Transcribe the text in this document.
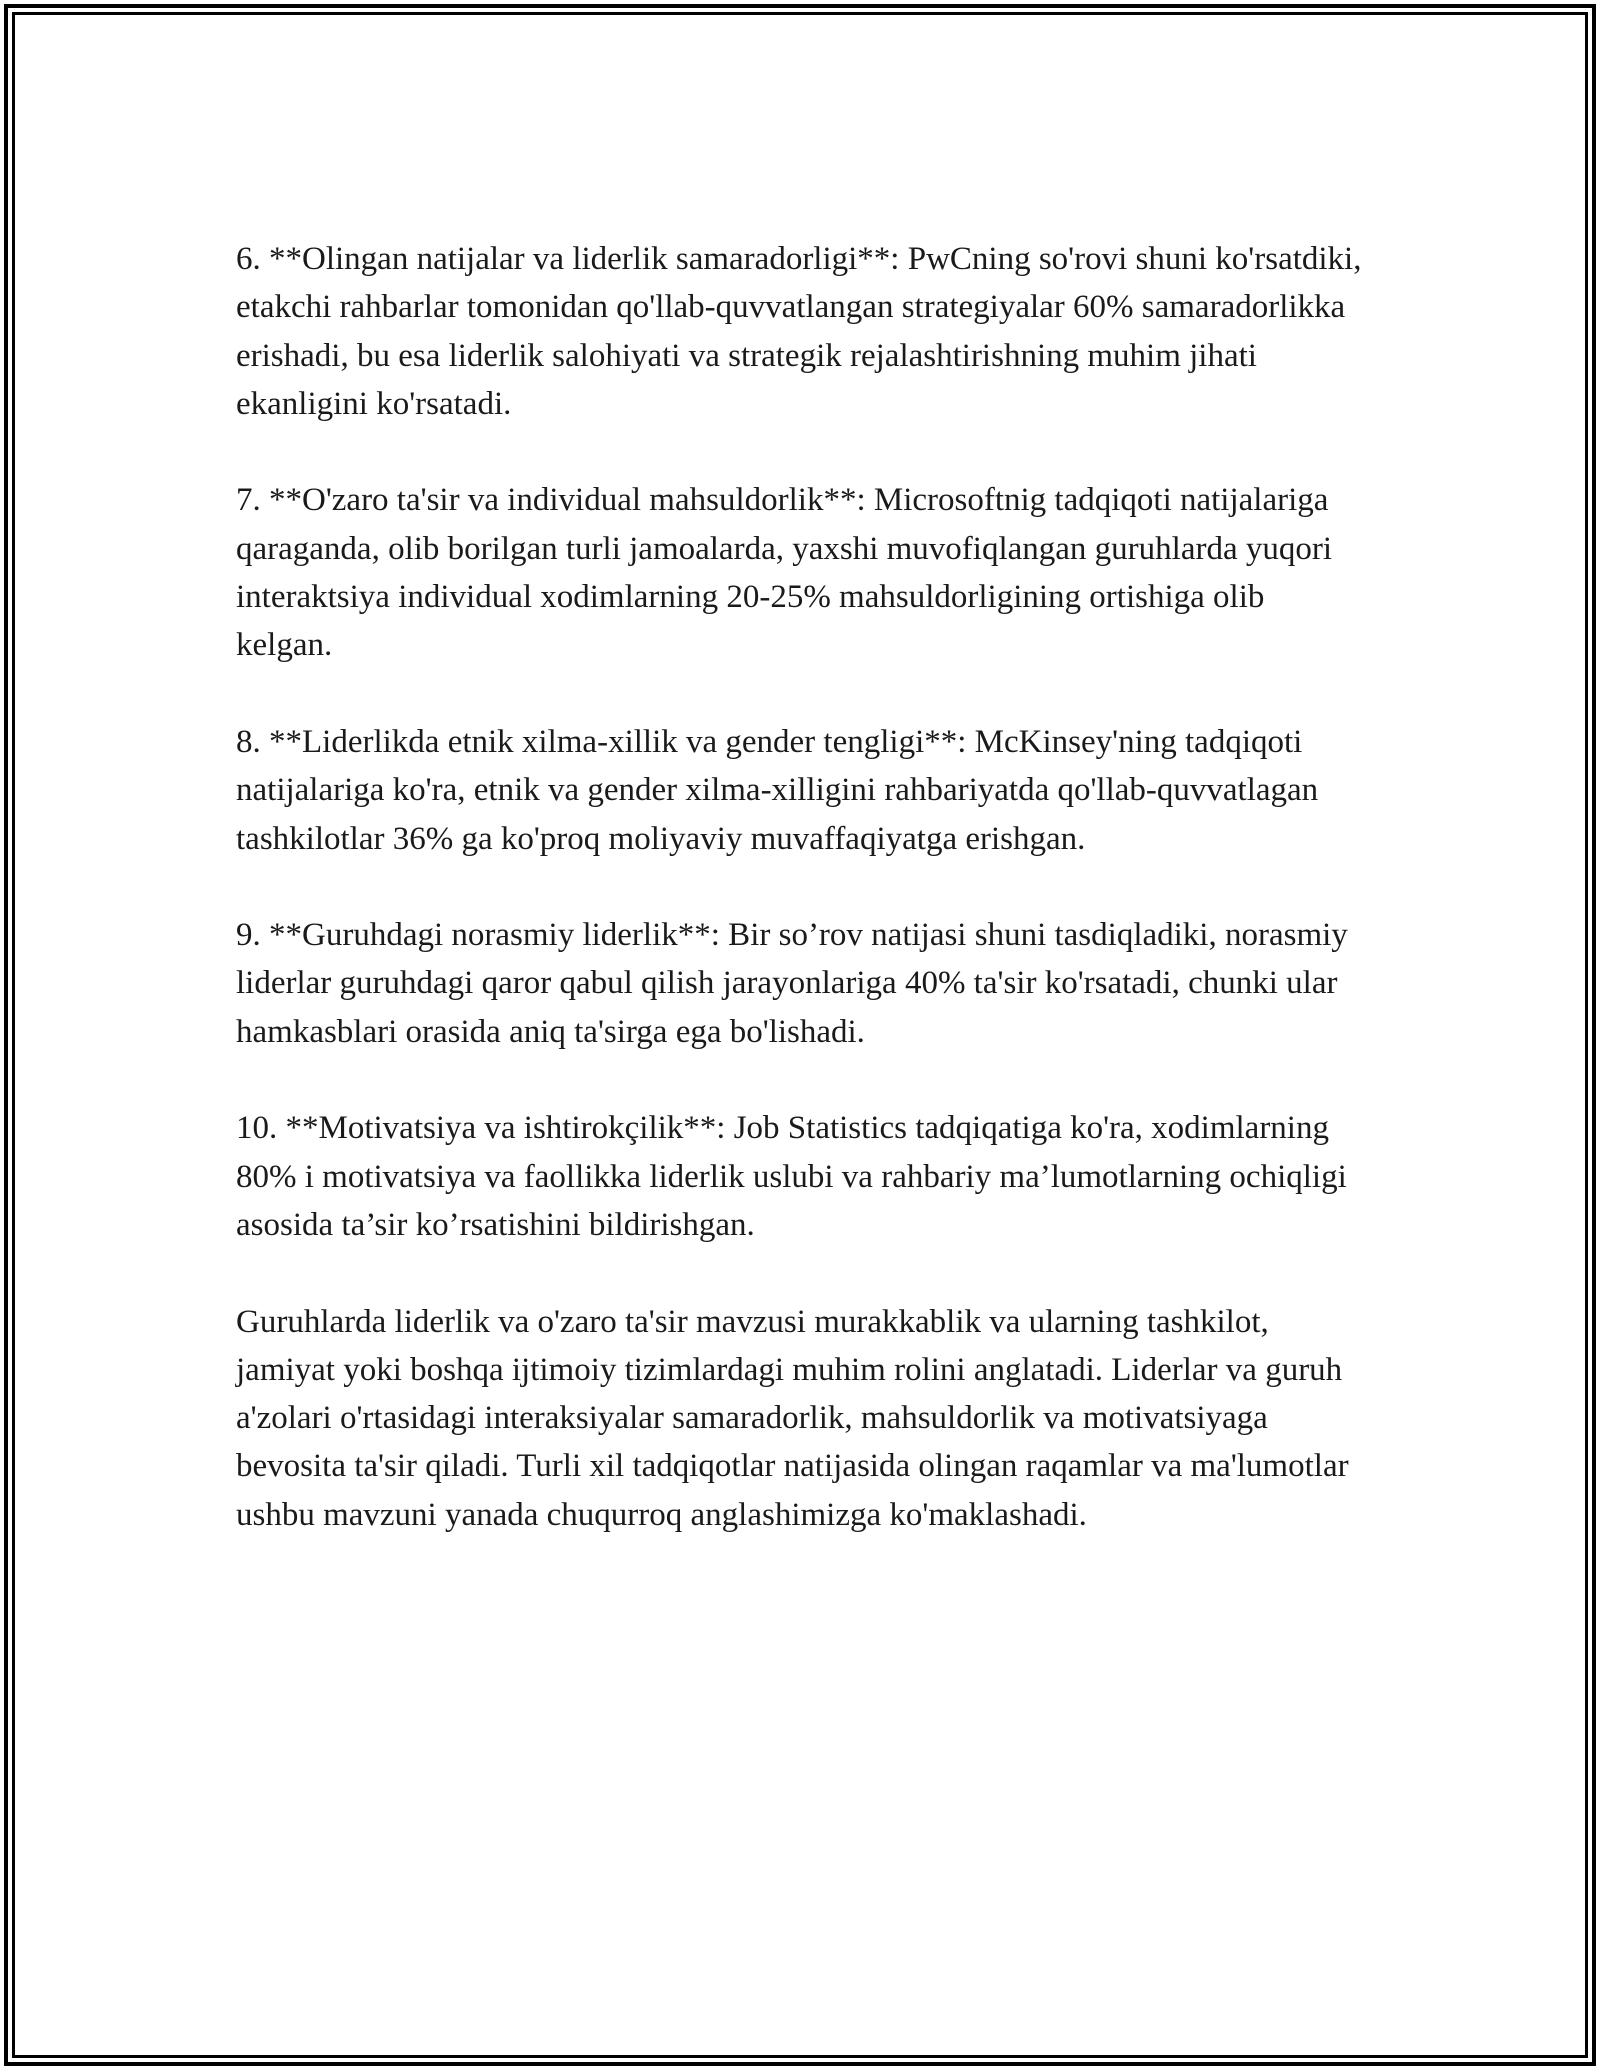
6. **Olingan natijalar va liderlik samaradorligi**: PwCning so'rovi shuni ko'rsatdiki, etakchi rahbarlar tomonidan qo'llab-quvvatlangan strategiyalar 60% samaradorlikka erishadi, bu esa liderlik salohiyati va strategik rejalashtirishning muhim jihati ekanligini ko'rsatadi.

7. **O'zaro ta'sir va individual mahsuldorlik**: Microsoftnig tadqiqoti natijalariga qaraganda, olib borilgan turli jamoalarda, yaxshi muvofiqlangan guruhlarda yuqori interaktsiya individual xodimlarning 20-25% mahsuldorligining ortishiga olib kelgan.

8. **Liderlikda etnik xilma-xillik va gender tengligi**: McKinsey'ning tadqiqoti natijalariga ko'ra, etnik va gender xilma-xilligini rahbariyatda qo'llab-quvvatlagan tashkilotlar 36% ga ko'proq moliyaviy muvaffaqiyatga erishgan.

9. **Guruhdagi norasmiy liderlik**: Bir so’rov natijasi shuni tasdiqladiki, norasmiy liderlar guruhdagi qaror qabul qilish jarayonlariga 40% ta'sir ko'rsatadi, chunki ular hamkasblari orasida aniq ta'sirga ega bo'lishadi.

10. **Motivatsiya va ishtirokçilik**: Job Statistics tadqiqatiga ko'ra, xodimlarning 80% i motivatsiya va faollikka liderlik uslubi va rahbariy ma’lumotlarning ochiqligi asosida ta’sir ko’rsatishini bildirishgan.

Guruhlarda liderlik va o'zaro ta'sir mavzusi murakkablik va ularning tashkilot, jamiyat yoki boshqa ijtimoiy tizimlardagi muhim rolini anglatadi. Liderlar va guruh a'zolari o'rtasidagi interaksiyalar samaradorlik, mahsuldorlik va motivatsiyaga bevosita ta'sir qiladi. Turli xil tadqiqotlar natijasida olingan raqamlar va ma'lumotlar ushbu mavzuni yanada chuqurroq anglashimizga ko'maklashadi.
